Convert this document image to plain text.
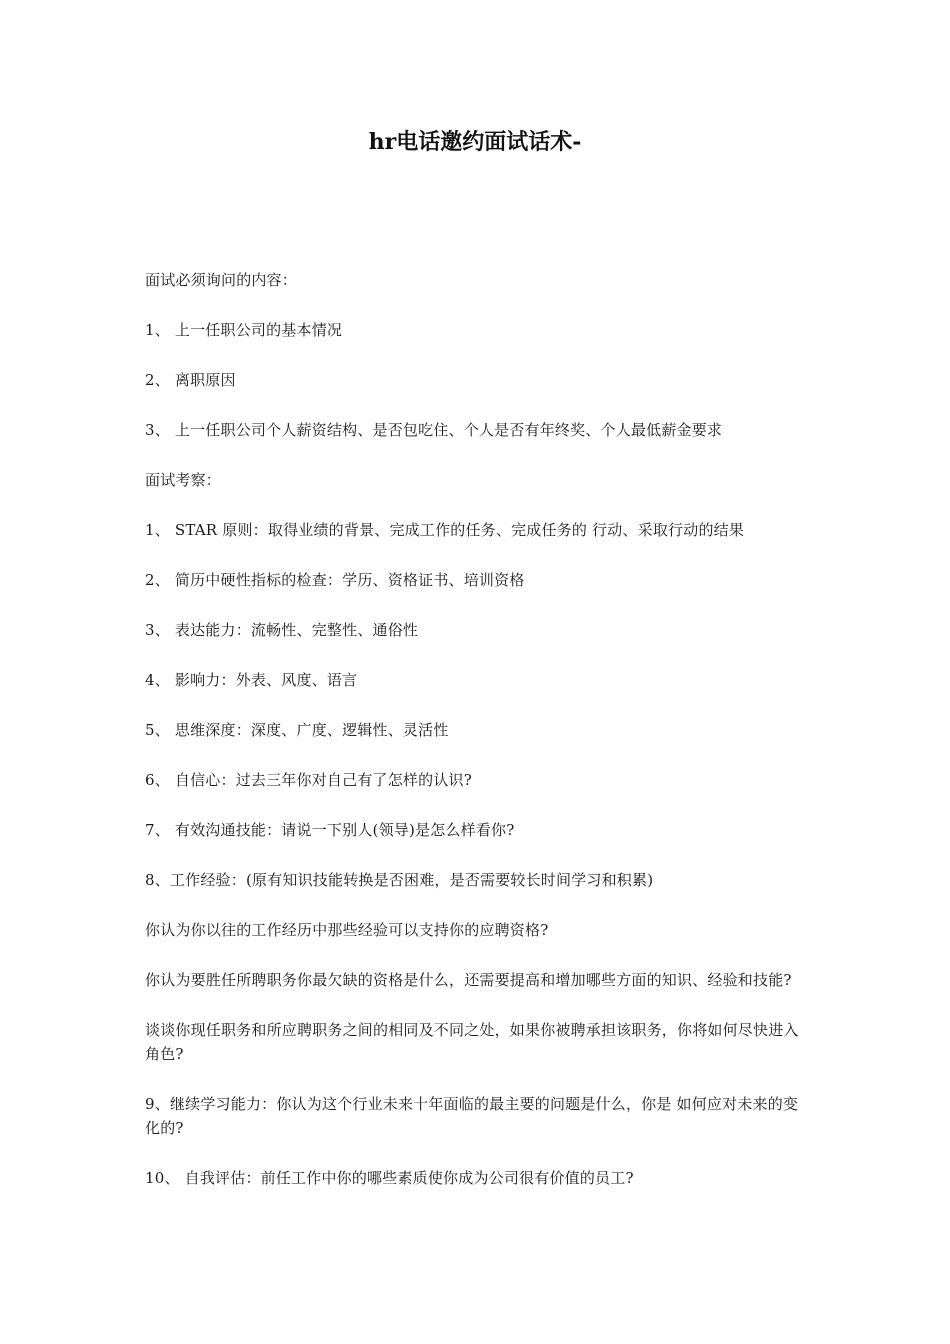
hr电话邀约面试话术-

面试必须询问的内容：

1、 上一任职公司的基本情况

2、 离职原因

3、 上一任职公司个人薪资结构、是否包吃住、个人是否有年终奖、个人最低薪金要求

面试考察：

1、 STAR 原则：取得业绩的背景、完成工作的任务、完成任务的 行动、采取行动的结果

2、 简历中硬性指标的检查：学历、资格证书、培训资格

3、 表达能力：流畅性、完整性、通俗性

4、 影响力：外表、风度、语言

5、 思维深度：深度、广度、逻辑性、灵活性

6、 自信心：过去三年你对自己有了怎样的认识?

7、 有效沟通技能：请说一下别人(领导)是怎么样看你?

8、工作经验：(原有知识技能转换是否困难，是否需要较长时间学习和积累)

你认为你以往的工作经历中那些经验可以支持你的应聘资格?

你认为要胜任所聘职务你最欠缺的资格是什么，还需要提高和增加哪些方面的知识、经验和技能?

谈谈你现任职务和所应聘职务之间的相同及不同之处，如果你被聘承担该职务，你将如何尽快进入角色?

9、继续学习能力：你认为这个行业未来十年面临的最主要的问题是什么，你是 如何应对未来的变化的?

10、 自我评估：前任工作中你的哪些素质使你成为公司很有价值的员工?
